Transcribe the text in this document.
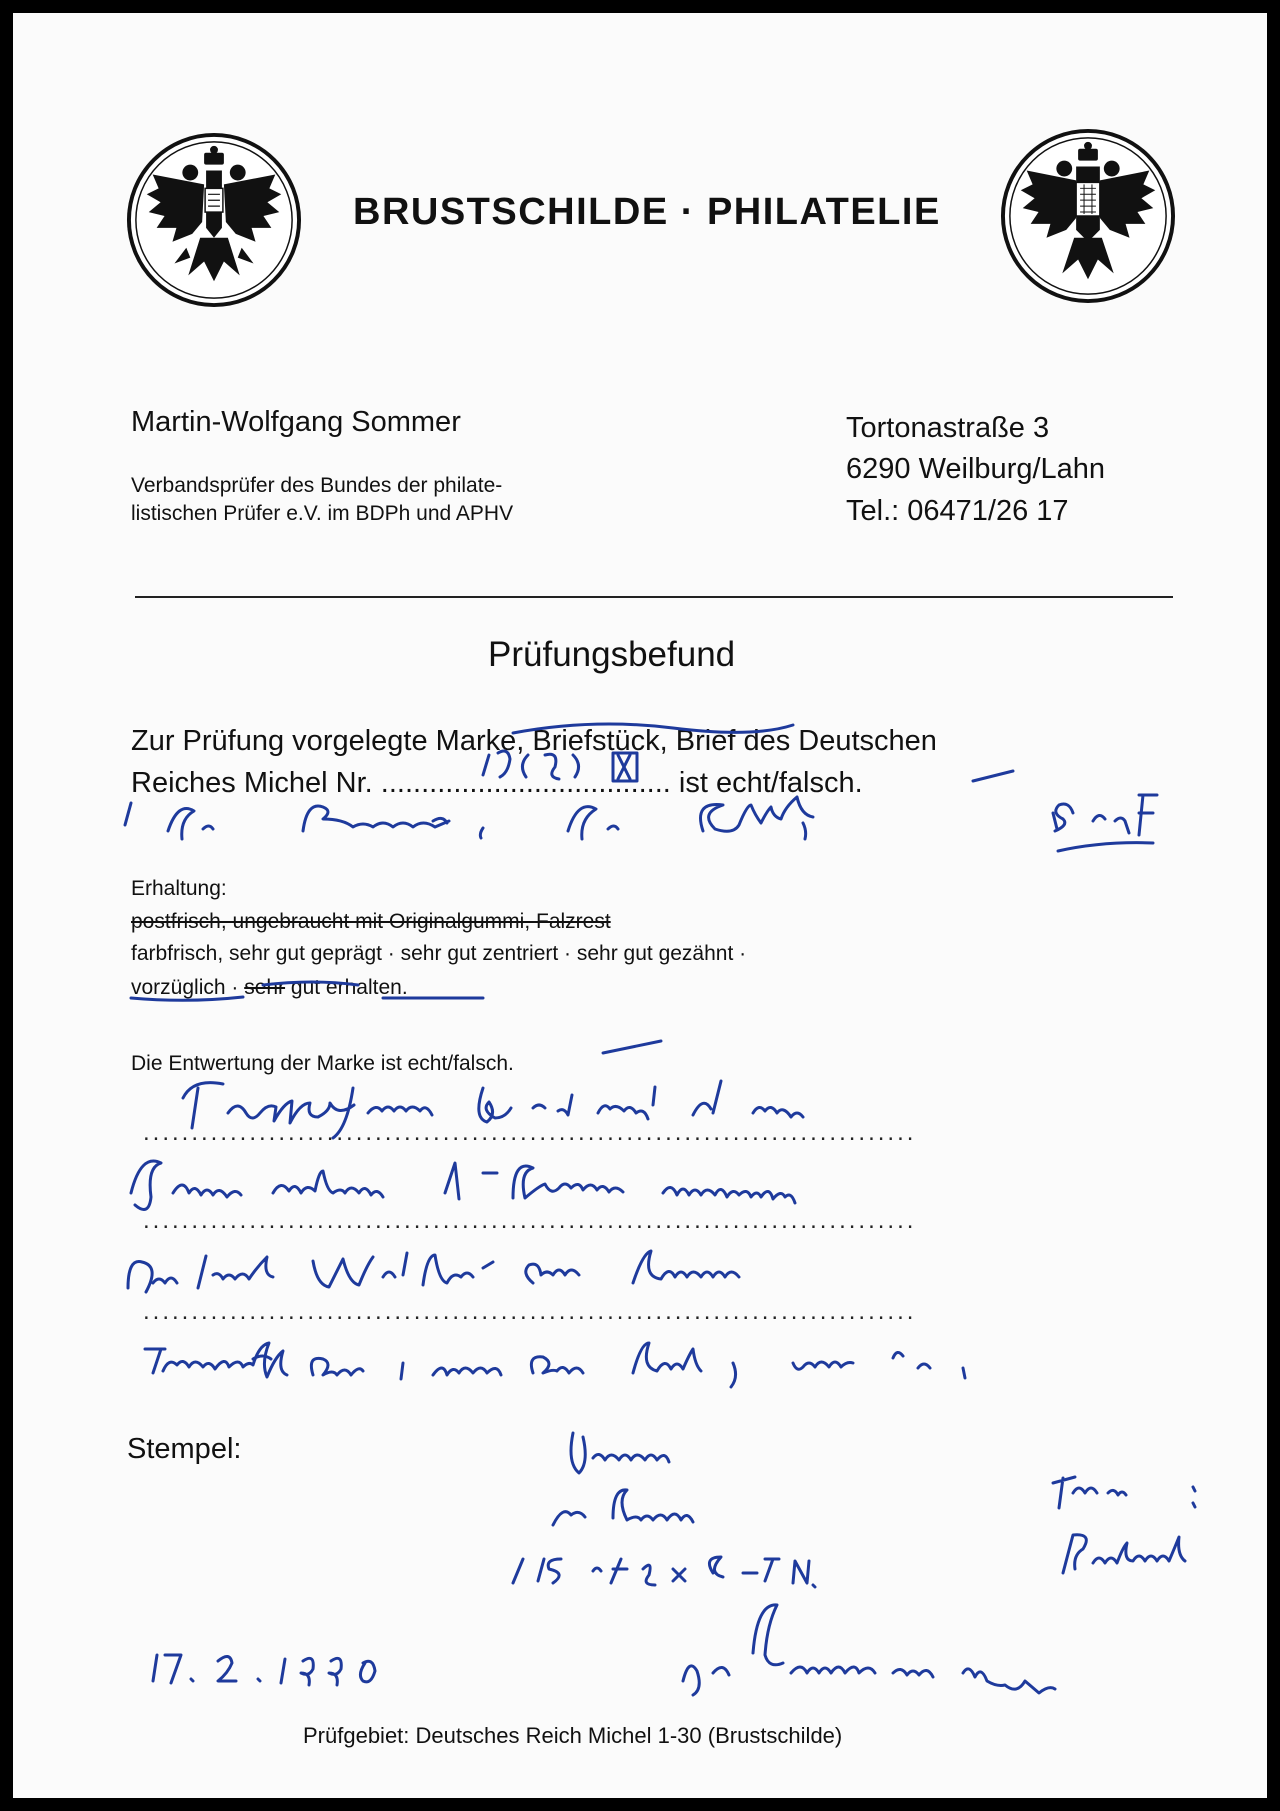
BRUSTSCHILDE · PHILATELIE
Martin-Wolfgang Sommer
Verbandsprüfer des Bundes der philate-
listischen Prüfer e.V. im BDPh und APHV
Tortonastraße 3
6290 Weilburg/Lahn
Tel.: 06471/26 17
Prüfungsbefund
Zur Prüfung vorgelegte Marke, Briefstück, Brief des Deutschen
Reiches Michel Nr. .................................... ist echt/falsch.
Erhaltung:
postfrisch, ungebraucht mit Originalgummi, Falzrest
farbfrisch, sehr gut geprägt · sehr gut zentriert · sehr gut gezähnt ·
vorzüglich · sehr gut erhalten.
Die Entwertung der Marke ist echt/falsch.
................................................................................
................................................................................
................................................................................
Stempel:
Prüfgebiet: Deutsches Reich Michel 1-30 (Brustschilde)
